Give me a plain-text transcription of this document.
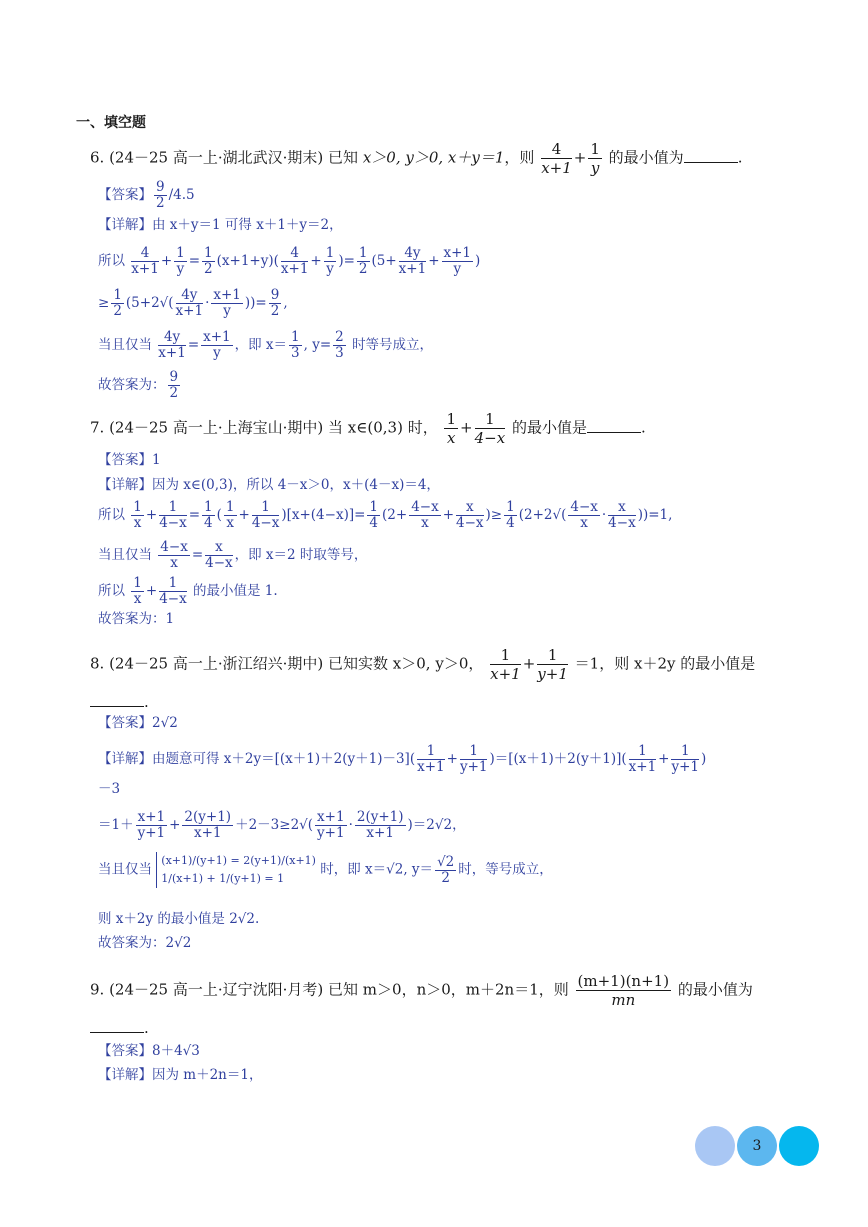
一、填空题
6. (24－25 高一上·湖北武汉·期末) 已知 x＞0, y＞0, x＋y＝1，则 $\frac{4}{x+1} + \frac{1}{y}$ 的最小值为	.
【答案】 $\frac{9}{2} /4.5$
【详解】由 x＋y＝1 可得 x＋1＋y＝2，
所以 $\frac{4}{x+1} + \frac{1}{y} = \frac{1}{2} (x+1+y)( \frac{4}{x+1} + \frac{1}{y}$ )= $\frac{1}{2} (5+ \frac{4y}{x+1} + \frac{x+1}{y}$ )
≥ $\frac{1}{2} (5+2√( \frac{4y}{x+1} \cdot \frac{x+1}{y}$ ))= $\frac{9}{2}$ ,
当且仅当 $\frac{4y}{x+1} = \frac{x+1}{y}$ ，即 $x= \frac{1}{3}$ , $y= \frac{2}{3}$ 时等号成立，
故答案为： $\frac{9}{2}$
7. (24－25 高一上·上海宝山·期中) 当 x∈(0,3) 时， $\frac{1}{x} + \frac{1}{4-x}$ 的最小值是	.
【答案】1
【详解】因为 x∈(0,3)，所以 4－x＞0，x＋(4－x)＝4，
所以 $\frac{1}{x} + \frac{1}{4-x} = \frac{1}{4}$ ( $\frac{1}{x} + \frac{1}{4-x} )[x+(4-x)]= \frac{1}{4} (2+ \frac{4-x}{x} + \frac{x}{4-x}$ )≥ $\frac{1}{4} (2+2√( \frac{4-x}{x} \cdot \frac{x}{4-x} ))=1$,
当且仅当 $\frac{4-x}{x} = \frac{x}{4-x}$ ，即 x＝2 时取等号，
所以 $\frac{1}{x} + \frac{1}{4-x}$ 的最小值是 1.
故答案为：1
8. (24－25 高一上·浙江绍兴·期中) 已知实数 x＞0, y＞0， $\frac{1}{x+1} + \frac{1}{y+1} =1$，则 x＋2y 的最小值是
.
【答案】2√2
【详解】由题意可得 $x+2y=[(x+1)+2(y+1)-3]( \frac{1}{x+1} + \frac{1}{y+1} )=[(x+1)+2(y+1)]( \frac{1}{x+1} + \frac{1}{y+1}$ )
－3
$=1+ \frac{x+1}{y+1} + \frac{2(y+1)}{x+1} +2-3\ge 2√( \frac{x+1}{y+1} \cdot \frac{2(y+1)}{x+1} )=2√2$，
当且仅当
(x+1)/(y+1) = 2(y+1)/(x+1)
1/(x+1) + 1/(y+1) = 1
时，即 x＝√2, $y= \frac{√2}{2}$ 时，等号成立，
则 x＋2y 的最小值是 2√2.
故答案为：2√2
9. (24－25 高一上·辽宁沈阳·月考) 已知 m＞0，n＞0，m＋2n＝1，则 $\frac{(m+1)(n+1)}{mn}$ 的最小值为
.
【答案】8＋4√3
【详解】因为 m＋2n＝1，
3
